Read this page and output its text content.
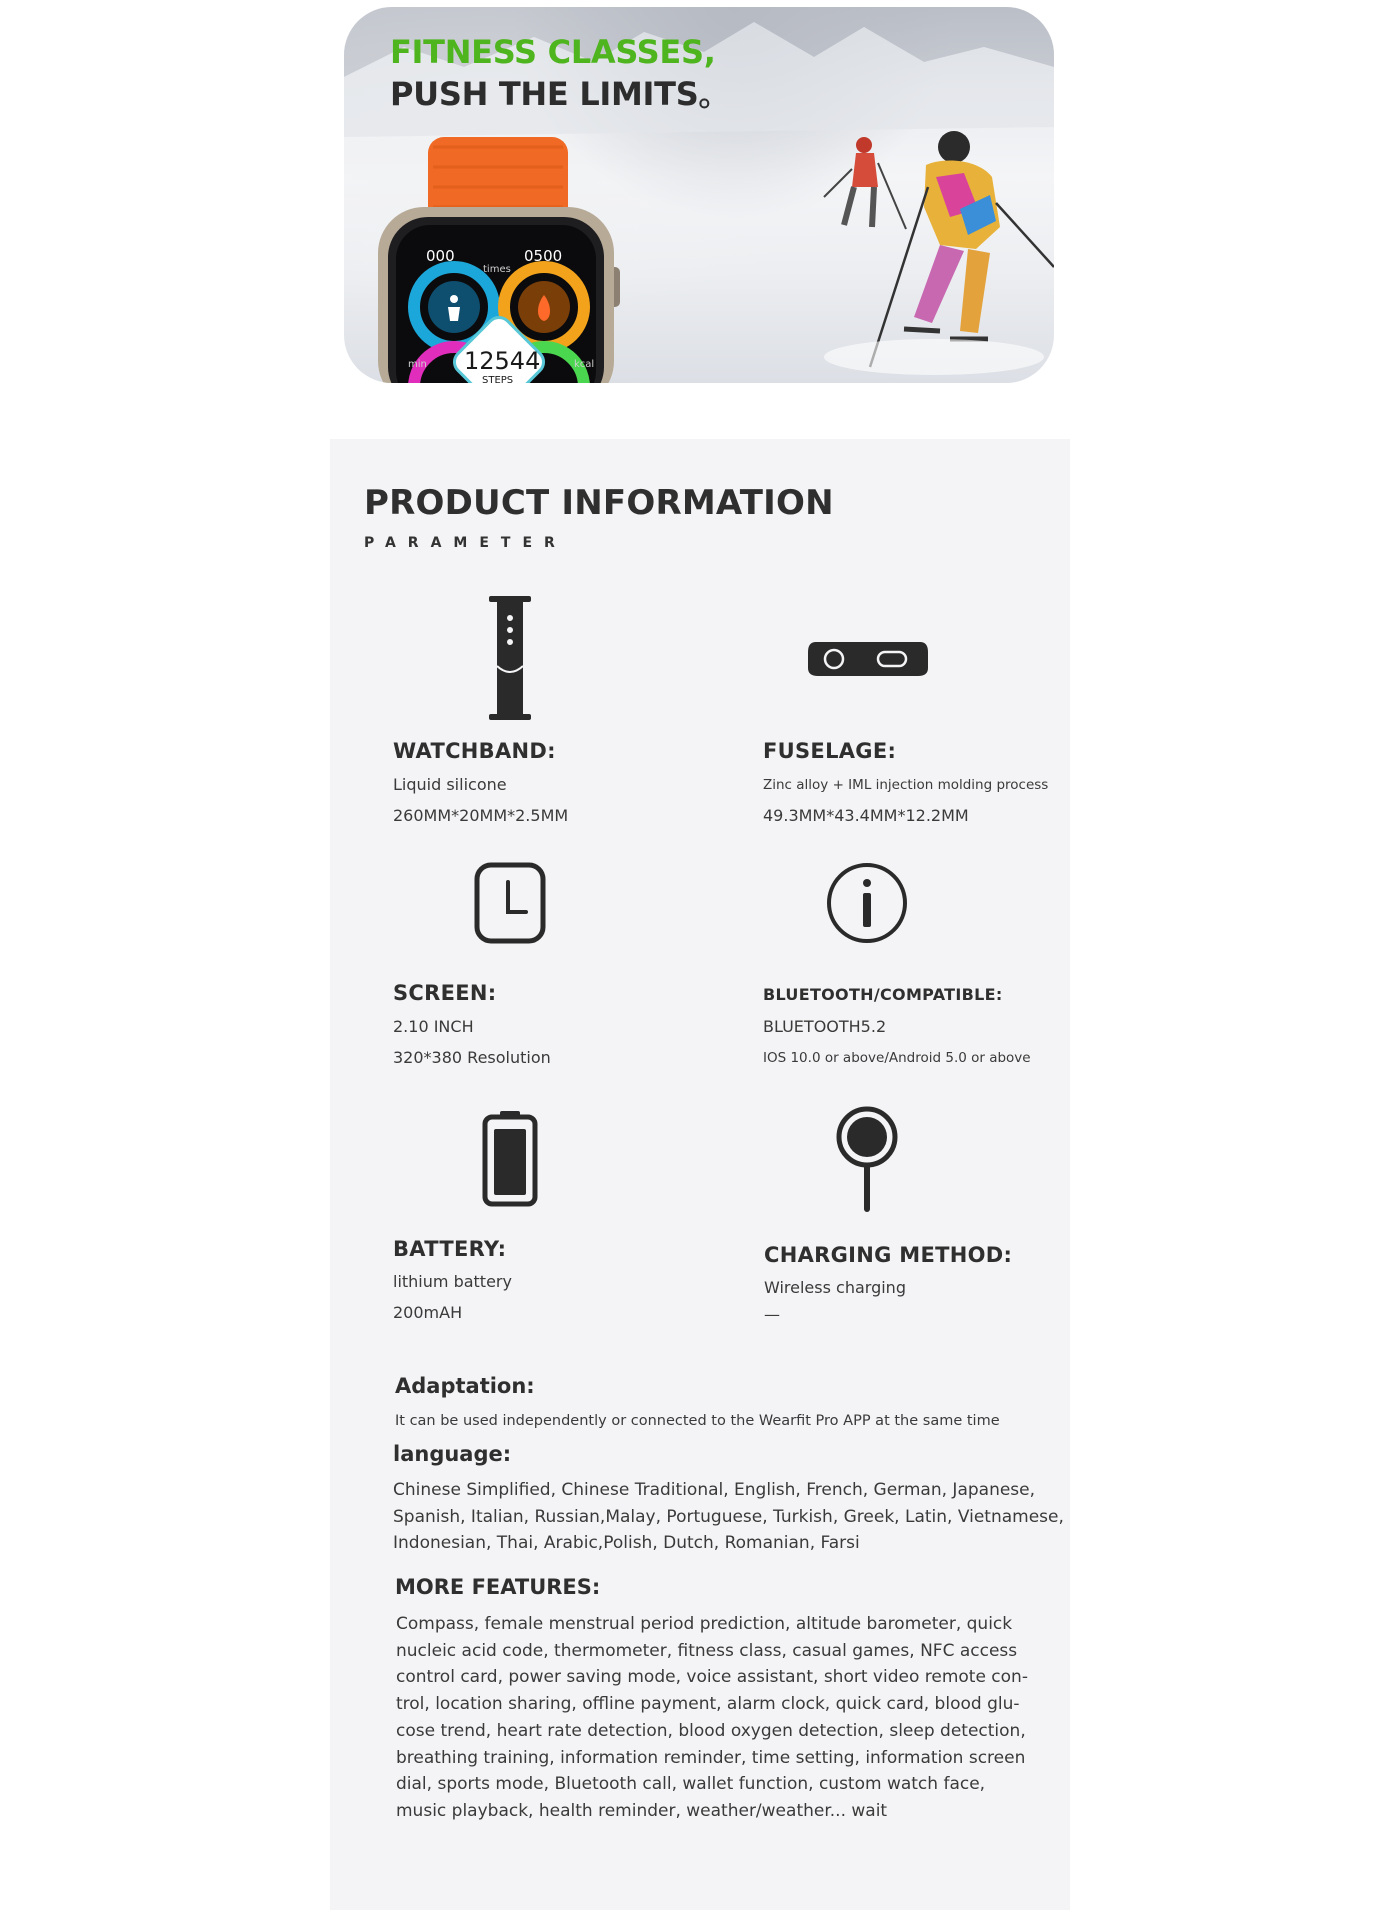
FITNESS CLASSES,
PUSH THE LIMITS。
000	0500
times
min	kcal
12544
STEPS
PRODUCT INFORMATION
PARAMETER
WATCHBAND:
Liquid silicone
260MM*20MM*2.5MM
FUSELAGE:
Zinc alloy + IML injection molding process
49.3MM*43.4MM*12.2MM
SCREEN:
2.10 INCH
320*380 Resolution
BLUETOOTH/COMPATIBLE:
BLUETOOTH5.2
IOS 10.0 or above/Android 5.0 or above
BATTERY:
lithium battery
200mAH
CHARGING METHOD:
Wireless charging
—
Adaptation:
It can be used independently or connected to the Wearfit Pro APP at the same time
language:
Chinese Simplified, Chinese Traditional, English, French, German, Japanese,
Spanish, Italian, Russian,Malay, Portuguese, Turkish, Greek, Latin, Vietnamese,
Indonesian, Thai, Arabic,Polish, Dutch, Romanian, Farsi
MORE FEATURES:
Compass, female menstrual period prediction, altitude barometer, quick
nucleic acid code, thermometer, fitness class, casual games, NFC access
control card, power saving mode, voice assistant, short video remote con-
trol, location sharing, offline payment, alarm clock, quick card, blood glu-
cose trend, heart rate detection, blood oxygen detection, sleep detection,
breathing training, information reminder, time setting, information screen
dial, sports mode, Bluetooth call, wallet function, custom watch face,
music playback, health reminder, weather/weather... wait
